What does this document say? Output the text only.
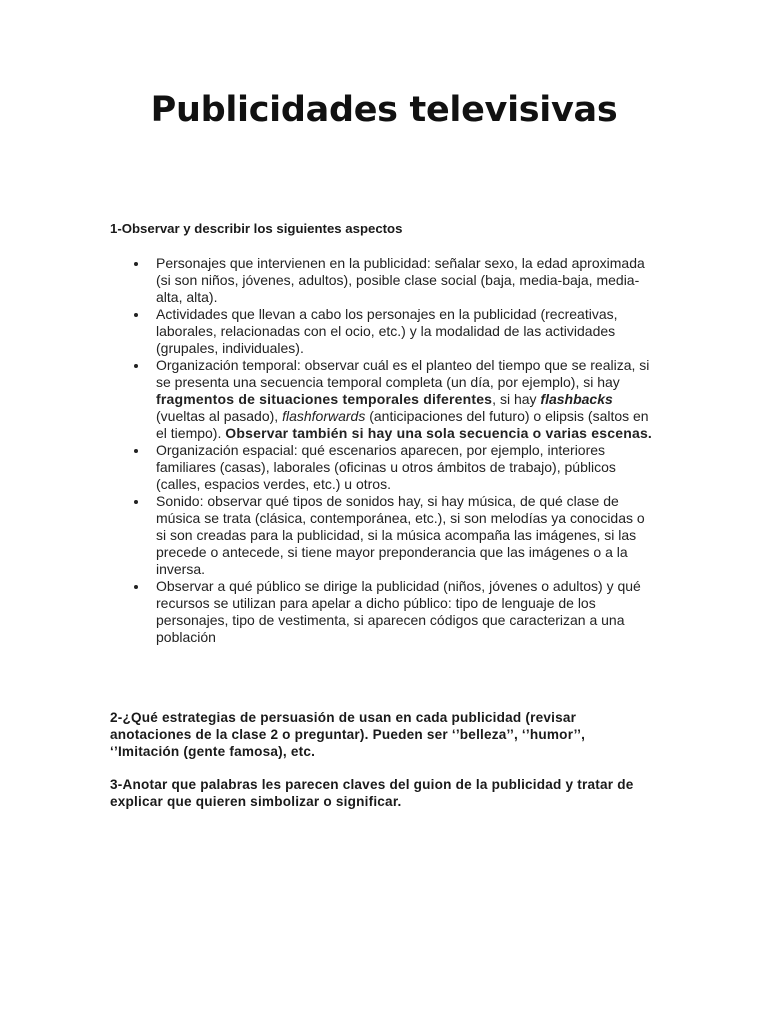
Publicidades televisivas

1-Observar y describir los siguientes aspectos

Personajes que intervienen en la publicidad: señalar sexo, la edad aproximada (si son niños, jóvenes, adultos), posible clase social (baja, media-baja, media-alta, alta).
Actividades que llevan a cabo los personajes en la publicidad (recreativas, laborales, relacionadas con el ocio, etc.) y la modalidad de las actividades (grupales, individuales).
Organización temporal: observar cuál es el planteo del tiempo que se realiza, si se presenta una secuencia temporal completa (un día, por ejemplo), si hay fragmentos de situaciones temporales diferentes, si hay flashbacks (vueltas al pasado), flashforwards (anticipaciones del futuro) o elipsis (saltos en el tiempo). Observar también si hay una sola secuencia o varias escenas.
Organización espacial: qué escenarios aparecen, por ejemplo, interiores familiares (casas), laborales (oficinas u otros ámbitos de trabajo), públicos (calles, espacios verdes, etc.) u otros.
Sonido: observar qué tipos de sonidos hay, si hay música, de qué clase de música se trata (clásica, contemporánea, etc.), si son melodías ya conocidas o si son creadas para la publicidad, si la música acompaña las imágenes, si las precede o antecede, si tiene mayor preponderancia que las imágenes o a la inversa.
Observar a qué público se dirige la publicidad (niños, jóvenes o adultos) y qué recursos se utilizan para apelar a dicho público: tipo de lenguaje de los personajes, tipo de vestimenta, si aparecen códigos que caracterizan a una población

2-¿Qué estrategias de persuasión de usan en cada publicidad (revisar anotaciones de la clase 2 o preguntar). Pueden ser ‘’belleza’’, ‘’humor’’, ‘’Imitación (gente famosa), etc.

3-Anotar que palabras les parecen claves del guion de la publicidad y tratar de explicar que quieren simbolizar o significar.
